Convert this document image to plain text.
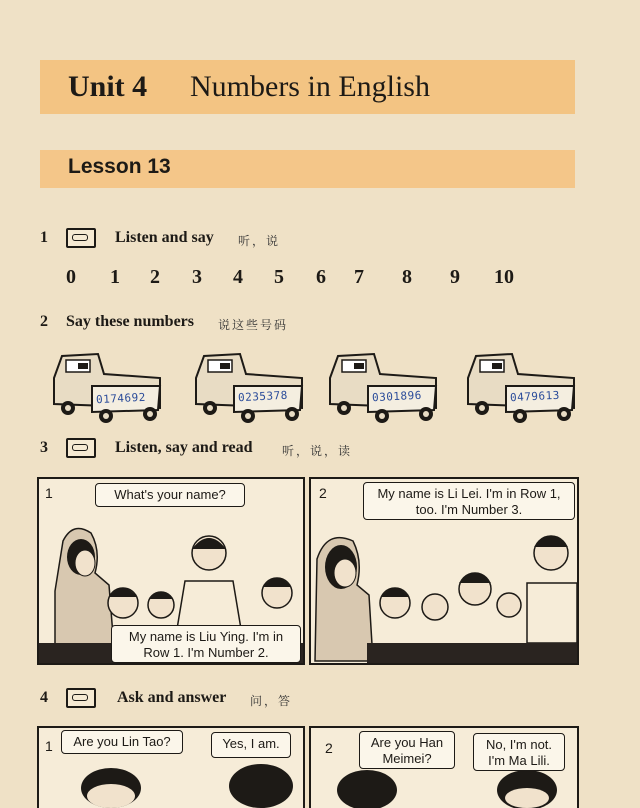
Unit 4 Numbers in English
Lesson 13
1	Listen and say 听，说
0 1 2 3 4 5 6 7 8 9 10
2 Say these numbers 说这些号码
0174692	0235378	0301896	0479613
3	Listen, say and read 听，说，读
1	What's your name?
My name is Liu Ying. I'm in Row 1. I'm Number 2.
2	My name is Li Lei. I'm in Row 1, too. I'm Number 3.
4	Ask and answer 问，答
1	Are you Lin Tao?	Yes, I am.	2	Are you Han Meimei?
No, I'm not. I'm Ma Lili.
